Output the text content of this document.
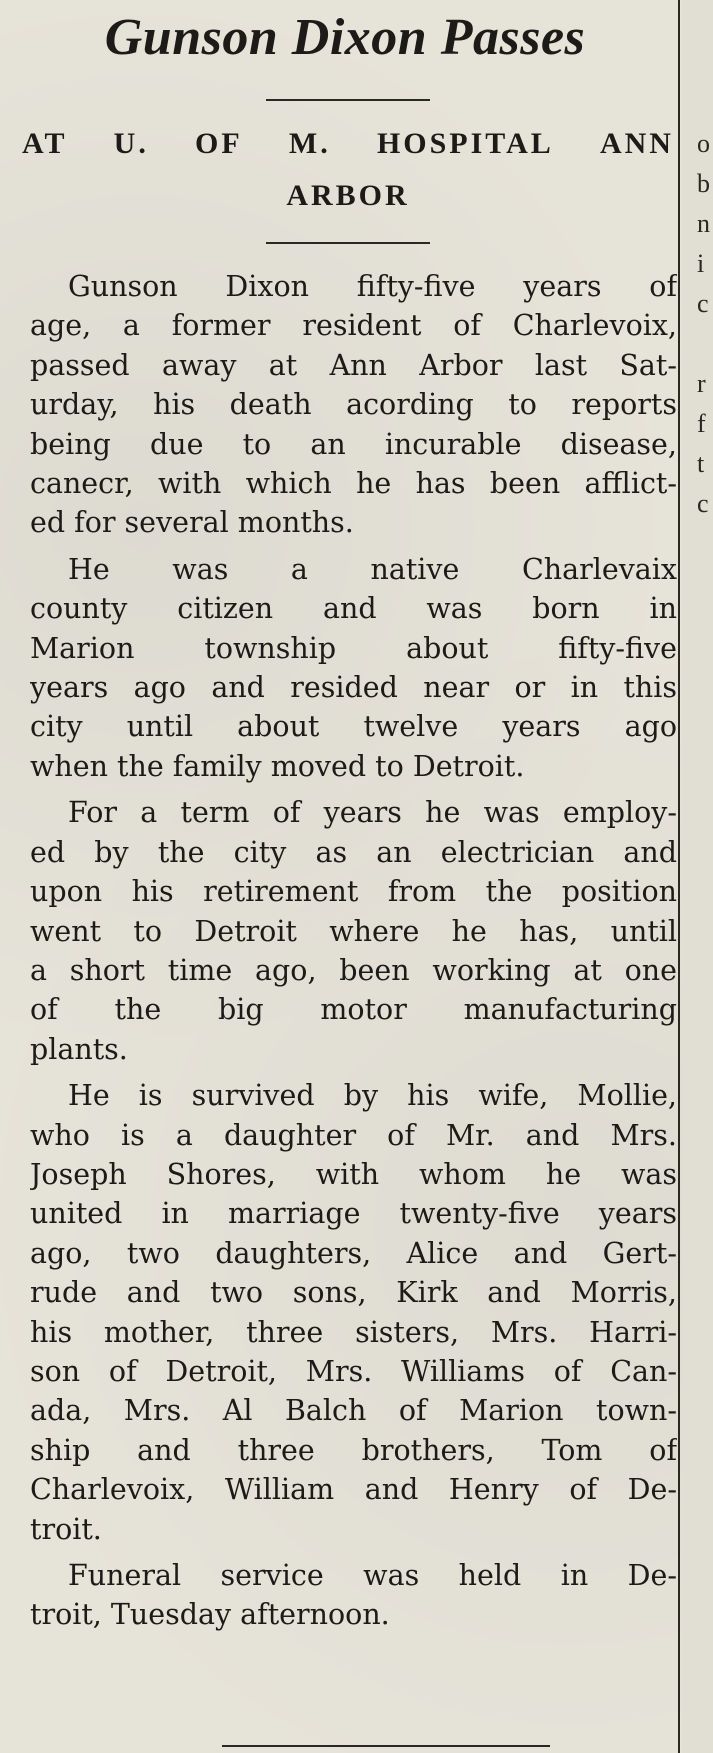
o
b
n
i
c
r
f
t
c
Gunson Dixon Passes
AT U. OF M. HOSPITAL ANN
ARBOR

Gunson Dixon fifty-five years of
age, a former resident of Charlevoix,
passed away at Ann Arbor last Sat-
urday, his death acording to reports
being due to an incurable disease,
canecr, with which he has been afflict-
ed for several months.

He was a native Charlevaix
county citizen and was born in
Marion township about fifty-five
years ago and resided near or in this
city until about twelve years ago
when the family moved to Detroit.

For a term of years he was employ-
ed by the city as an electrician and
upon his retirement from the position
went to Detroit where he has, until
a short time ago, been working at one
of the big motor manufacturing
plants.

He is survived by his wife, Mollie,
who is a daughter of Mr. and Mrs.
Joseph Shores, with whom he was
united in marriage twenty-five years
ago, two daughters, Alice and Gert-
rude and two sons, Kirk and Morris,
his mother, three sisters, Mrs. Harri-
son of Detroit, Mrs. Williams of Can-
ada, Mrs. Al Balch of Marion town-
ship and three brothers, Tom of
Charlevoix, William and Henry of De-
troit.

Funeral service was held in De-
troit, Tuesday afternoon.
